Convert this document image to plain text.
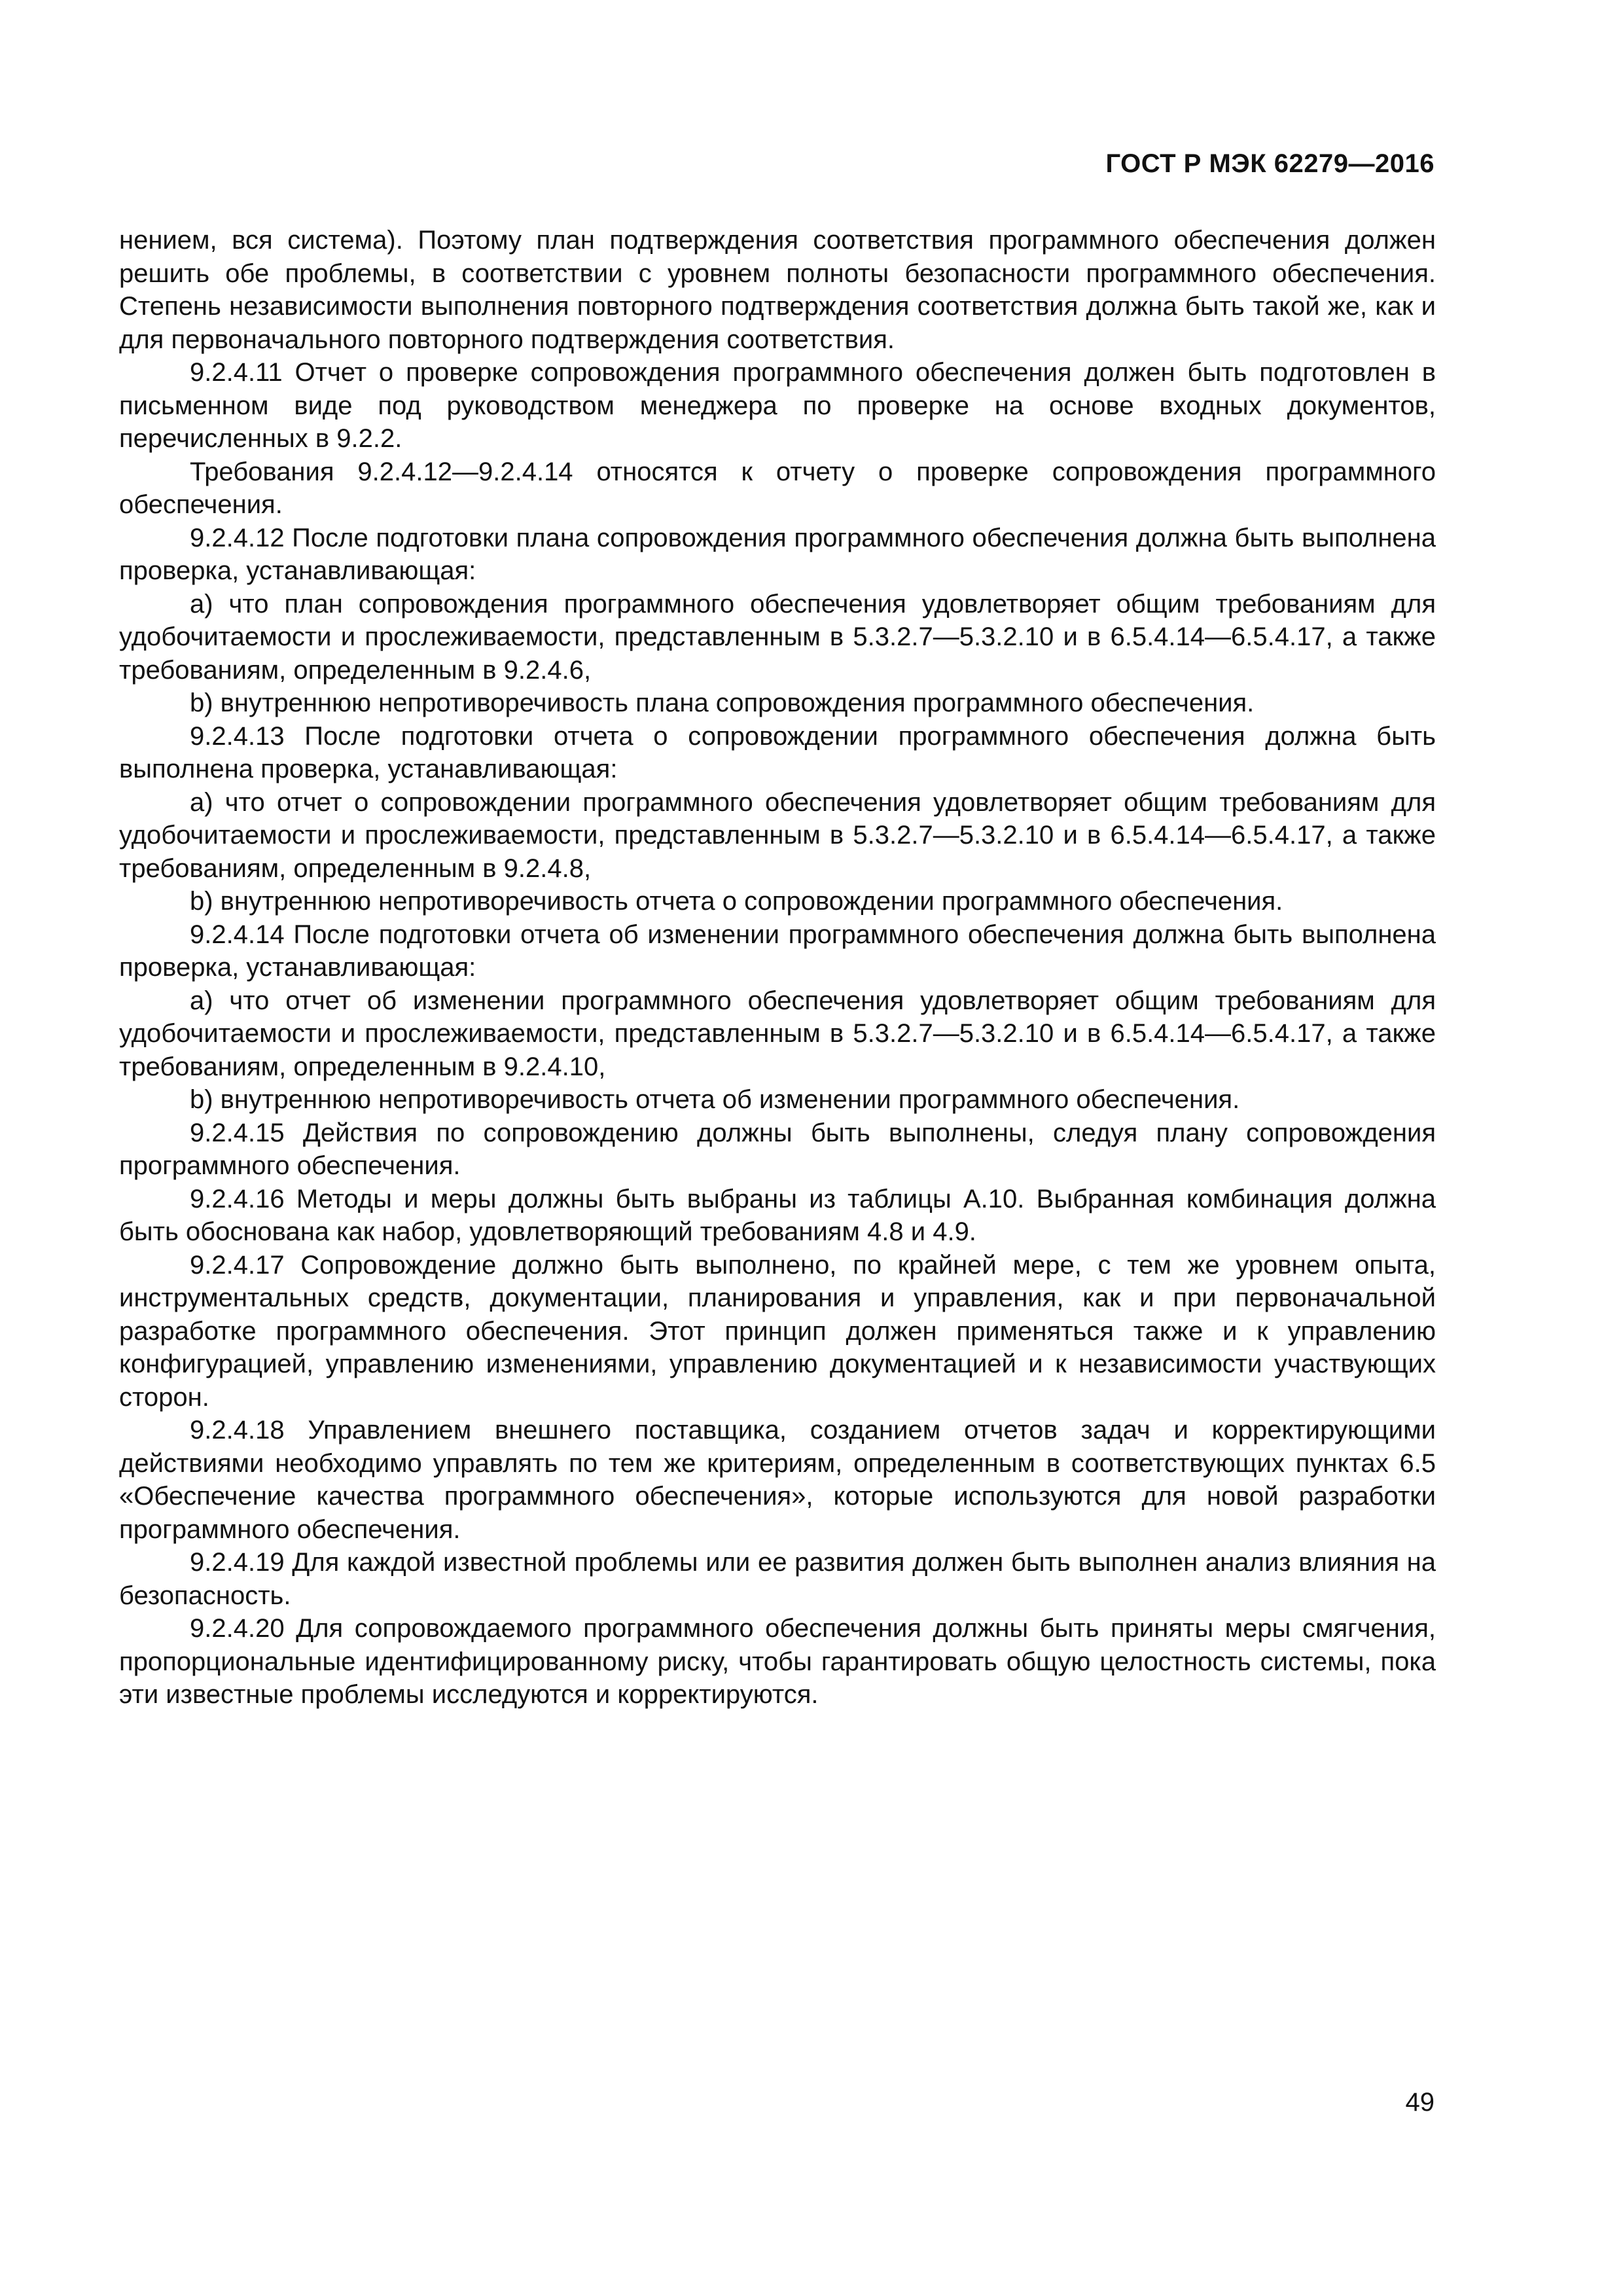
ГОСТ Р МЭК 62279—2016

нением, вся система). Поэтому план подтверждения соответствия программного обеспечения должен решить обе проблемы, в соответствии с уровнем полноты безопасности программного обеспечения. Степень независимости выполнения повторного подтверждения соответствия должна быть такой же, как и для первоначального повторного подтверждения соответствия.

9.2.4.11 Отчет о проверке сопровождения программного обеспечения должен быть подготовлен в письменном виде под руководством менеджера по проверке на основе входных документов, перечисленных в 9.2.2.

Требования 9.2.4.12—9.2.4.14 относятся к отчету о проверке сопровождения программного обеспечения.

9.2.4.12 После подготовки плана сопровождения программного обеспечения должна быть выполнена проверка, устанавливающая:

a) что план сопровождения программного обеспечения удовлетворяет общим требованиям для удобочитаемости и прослеживаемости, представленным в 5.3.2.7—5.3.2.10 и в 6.5.4.14—6.5.4.17, а также требованиям, определенным в 9.2.4.6,

b) внутреннюю непротиворечивость плана сопровождения программного обеспечения.

9.2.4.13 После подготовки отчета о сопровождении программного обеспечения должна быть выполнена проверка, устанавливающая:

a) что отчет о сопровождении программного обеспечения удовлетворяет общим требованиям для удобочитаемости и прослеживаемости, представленным в 5.3.2.7—5.3.2.10 и в 6.5.4.14—6.5.4.17, а также требованиям, определенным в 9.2.4.8,

b) внутреннюю непротиворечивость отчета о сопровождении программного обеспечения.

9.2.4.14 После подготовки отчета об изменении программного обеспечения должна быть выполнена проверка, устанавливающая:

a) что отчет об изменении программного обеспечения удовлетворяет общим требованиям для удобочитаемости и прослеживаемости, представленным в 5.3.2.7—5.3.2.10 и в 6.5.4.14—6.5.4.17, а также требованиям, определенным в 9.2.4.10,

b) внутреннюю непротиворечивость отчета об изменении программного обеспечения.

9.2.4.15 Действия по сопровождению должны быть выполнены, следуя плану сопровождения программного обеспечения.

9.2.4.16 Методы и меры должны быть выбраны из таблицы А.10. Выбранная комбинация должна быть обоснована как набор, удовлетворяющий требованиям 4.8 и 4.9.

9.2.4.17 Сопровождение должно быть выполнено, по крайней мере, с тем же уровнем опыта, инструментальных средств, документации, планирования и управления, как и при первоначальной разработке программного обеспечения. Этот принцип должен применяться также и к управлению конфигурацией, управлению изменениями, управлению документацией и к независимости участвующих сторон.

9.2.4.18 Управлением внешнего поставщика, созданием отчетов задач и корректирующими действиями необходимо управлять по тем же критериям, определенным в соответствующих пунктах 6.5 «Обеспечение качества программного обеспечения», которые используются для новой разработки программного обеспечения.

9.2.4.19 Для каждой известной проблемы или ее развития должен быть выполнен анализ влияния на безопасность.

9.2.4.20 Для сопровождаемого программного обеспечения должны быть приняты меры смягчения, пропорциональные идентифицированному риску, чтобы гарантировать общую целостность системы, пока эти известные проблемы исследуются и корректируются.

49
